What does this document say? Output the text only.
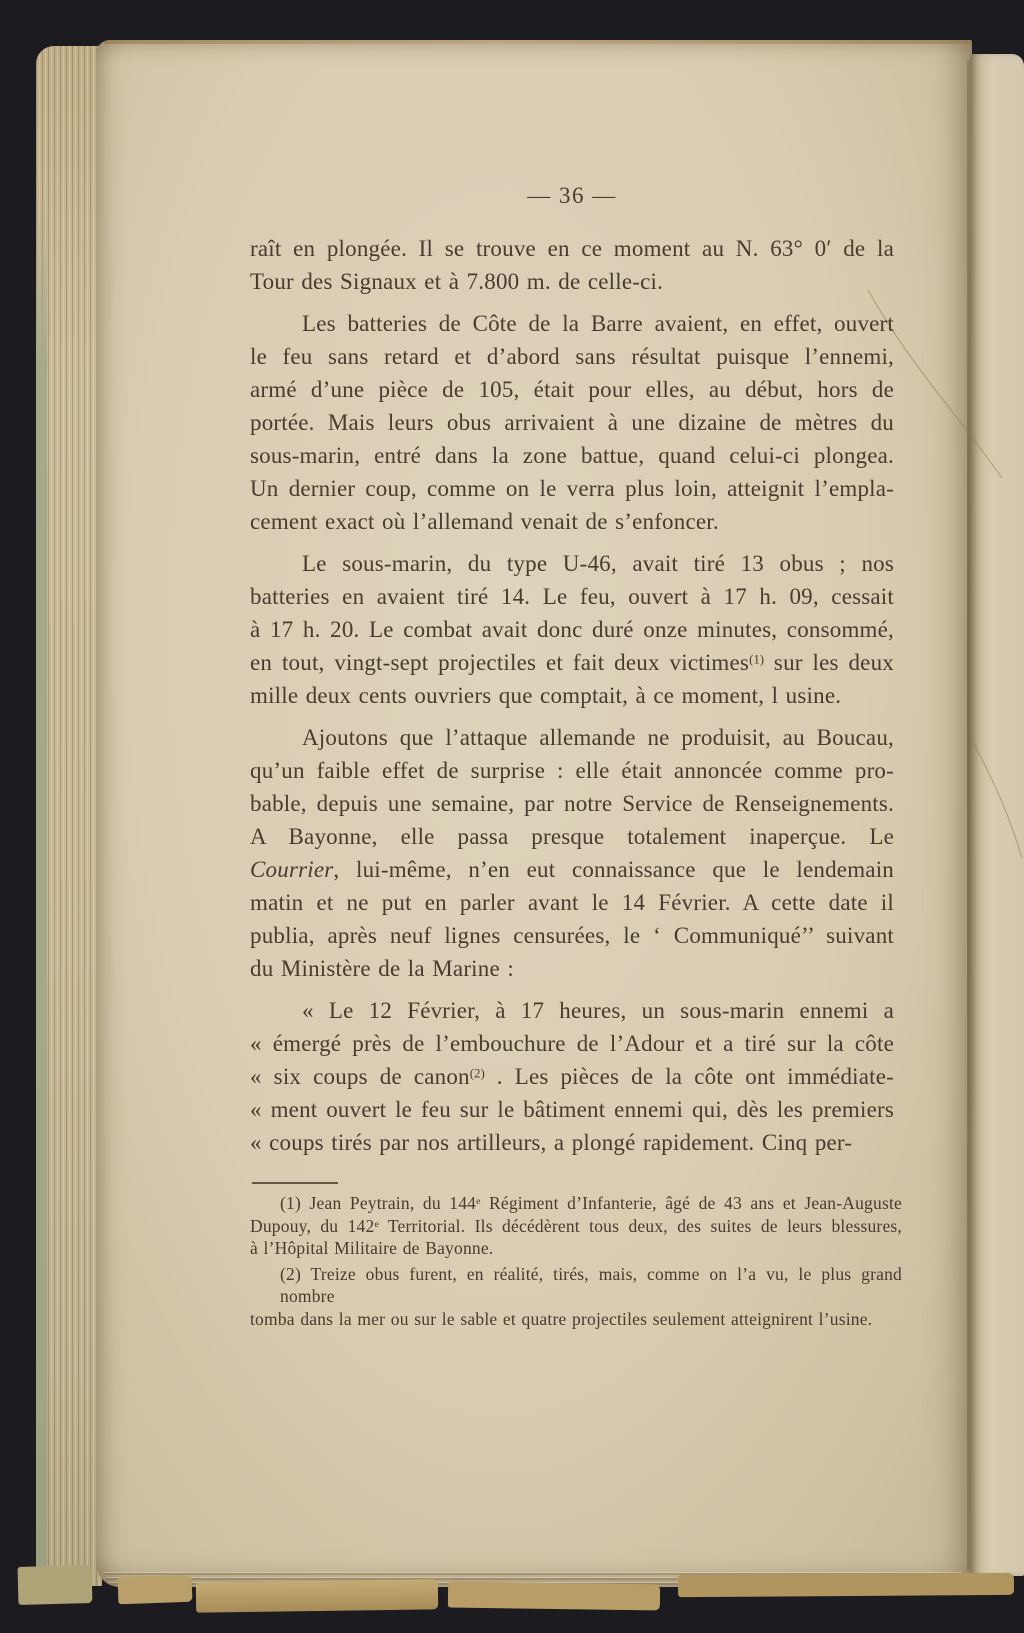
— 36 —
raît en plongée. Il se trouve en ce moment au N. 63° 0′ de la
Tour des Signaux et à 7.800 m. de celle-ci.
Les batteries de Côte de la Barre avaient, en effet, ouvert
le feu sans retard et d’abord sans résultat puisque l’ennemi,
armé d’une pièce de 105, était pour elles, au début, hors de
portée. Mais leurs obus arrivaient à une dizaine de mètres du
sous-marin, entré dans la zone battue, quand celui-ci plongea.
Un dernier coup, comme on le verra plus loin, atteignit l’empla-
cement exact où l’allemand venait de s’enfoncer.
Le sous-marin, du type U-46, avait tiré 13 obus ; nos
batteries en avaient tiré 14. Le feu, ouvert à 17 h. 09, cessait
à 17 h. 20. Le combat avait donc duré onze minutes, consommé,
en tout, vingt-sept projectiles et fait deux victimes$^{(1)}$ sur les deux
mille deux cents ouvriers que comptait, à ce moment, l usine.
Ajoutons que l’attaque allemande ne produisit, au Boucau,
qu’un faible effet de surprise : elle était annoncée comme pro-
bable, depuis une semaine, par notre Service de Renseignements.
A Bayonne, elle passa presque totalement inaperçue. Le
Courrier, lui-même, n’en eut connaissance que le lendemain
matin et ne put en parler avant le 14 Février. A cette date il
publia, après neuf lignes censurées, le ‘ Communiqué’’ suivant
du Ministère de la Marine :
« Le 12 Février, à 17 heures, un sous-marin ennemi a
« émergé près de l’embouchure de l’Adour et a tiré sur la côte
« six coups de canon$^{(2)}$ . Les pièces de la côte ont immédiate-
« ment ouvert le feu sur le bâtiment ennemi qui, dès les premiers
« coups tirés par nos artilleurs, a plongé rapidement. Cinq per-
(1) Jean Peytrain, du 144e Régiment d’Infanterie, âgé de 43 ans et Jean-Auguste
Dupouy, du 142e Territorial. Ils décédèrent tous deux, des suites de leurs blessures,
à l’Hôpital Militaire de Bayonne.
(2) Treize obus furent, en réalité, tirés, mais, comme on l’a vu, le plus grand nombre
tomba dans la mer ou sur le sable et quatre projectiles seulement atteignirent l’usine.
